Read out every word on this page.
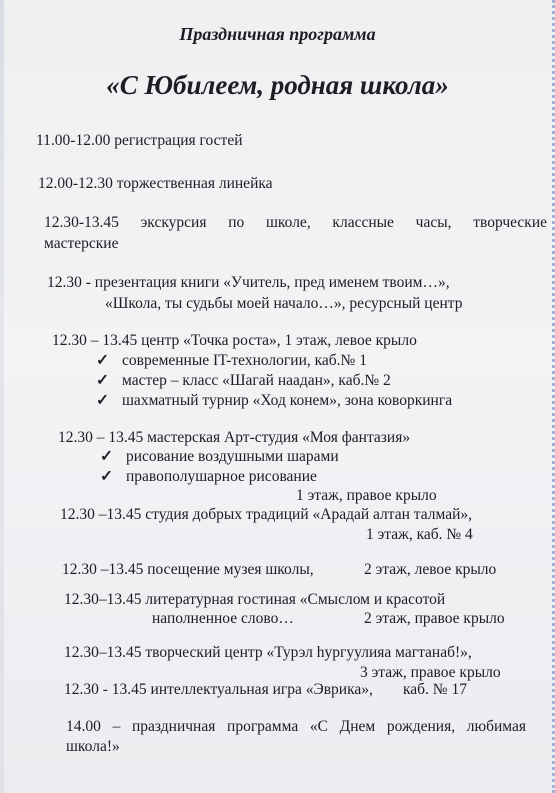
Праздничная программа
«С Юбилеем, родная школа»
11.00-12.00 регистрация гостей
12.00-12.30 торжественная линейка
12.30-13.45 экскурсия по школе, классные часы, творческие
мастерские
12.30 - презентация книги «Учитель, пред именем твоим…»,
«Школа, ты судьбы моей начало…», ресурсный центр
12.30 – 13.45 центр «Точка роста», 1 этаж, левое крыло
✓ современные IT-технологии, каб.№ 1
✓ мастер – класс «Шагай наадан», каб.№ 2
✓ шахматный турнир «Ход конем», зона коворкинга
12.30 – 13.45 мастерская Арт-студия «Моя фантазия»
✓ рисование воздушными шарами
✓ правополушарное рисование
1 этаж, правое крыло
12.30 –13.45 студия добрых традиций «Арадай алтан талмай»,
1 этаж, каб. № 4
12.30 –13.45 посещение музея школы,	2 этаж, левое крыло
12.30–13.45 литературная гостиная «Смыслом и красотой
наполненное слово…	2 этаж, правое крыло
12.30–13.45 творческий центр «Турэл һургуулияа магтанаб!»,
3 этаж, правое крыло
12.30 - 13.45 интеллектуальная игра «Эврика», каб. № 17
14.00 – праздничная программа «С Днем рождения, любимая
школа!»
